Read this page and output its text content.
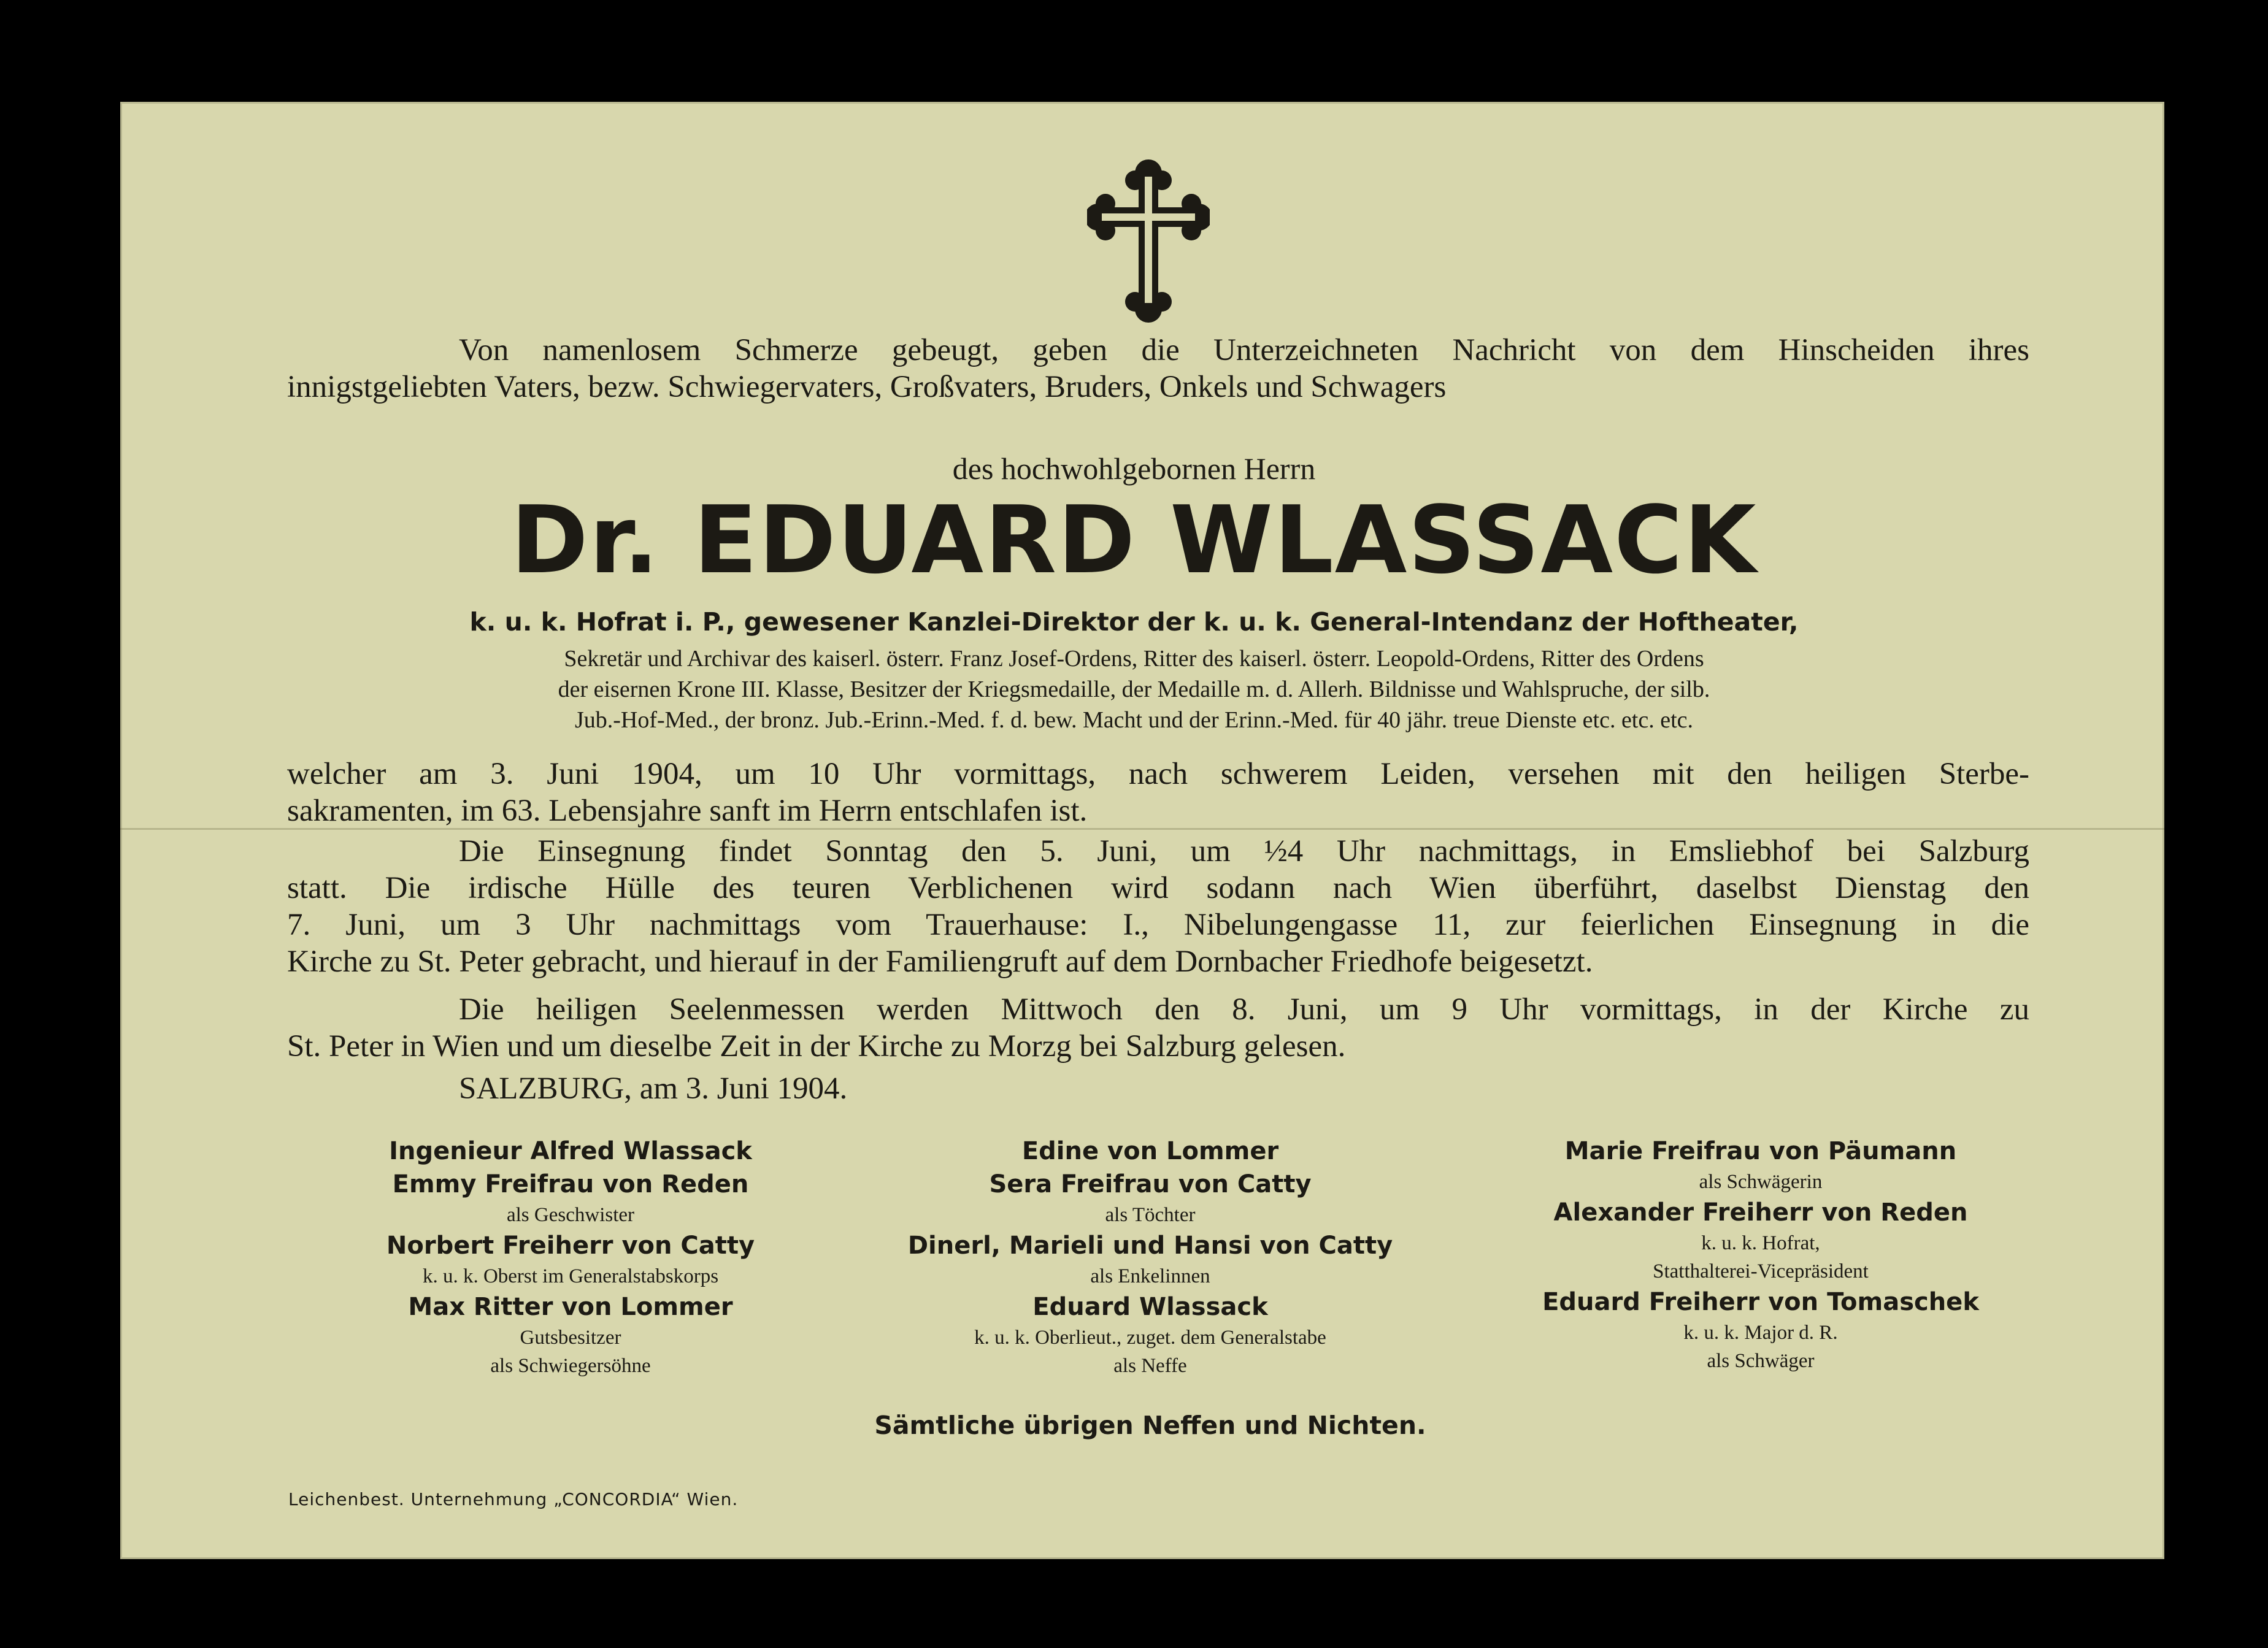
Von namenlosem Schmerze gebeugt, geben die Unterzeichneten Nachricht von dem Hinscheiden ihres

innigstgeliebten Vaters, bezw. Schwiegervaters, Großvaters, Bruders, Onkels und Schwagers

des hochwohlgebornen Herrn

Dr. EDUARD WLASSACK

k. u. k. Hofrat i. P., gewesener Kanzlei-Direktor der k. u. k. General-Intendanz der Hoftheater,

Sekretär und Archivar des kaiserl. österr. Franz Josef-Ordens, Ritter des kaiserl. österr. Leopold-Ordens, Ritter des Ordens

der eisernen Krone III. Klasse, Besitzer der Kriegsmedaille, der Medaille m. d. Allerh. Bildnisse und Wahlspruche, der silb.

Jub.-Hof-Med., der bronz. Jub.-Erinn.-Med. f. d. bew. Macht und der Erinn.-Med. für 40 jähr. treue Dienste etc. etc. etc.

welcher am 3. Juni 1904, um 10 Uhr vormittags, nach schwerem Leiden, versehen mit den heiligen Sterbe-
sakramenten, im 63. Lebensjahre sanft im Herrn entschlafen ist.

Die Einsegnung findet Sonntag den 5. Juni, um ½4 Uhr nachmittags, in Emsliebhof bei Salzburg
statt. Die irdische Hülle des teuren Verblichenen wird sodann nach Wien überführt, daselbst Dienstag den
7. Juni, um 3 Uhr nachmittags vom Trauerhause: I., Nibelungengasse 11, zur feierlichen Einsegnung in die
Kirche zu St. Peter gebracht, und hierauf in der Familiengruft auf dem Dornbacher Friedhofe beigesetzt.

Die heiligen Seelenmessen werden Mittwoch den 8. Juni, um 9 Uhr vormittags, in der Kirche zu
St. Peter in Wien und um dieselbe Zeit in der Kirche zu Morzg bei Salzburg gelesen.

SALZBURG, am 3. Juni 1904.

Ingenieur Alfred Wlassack
Emmy Freifrau von Reden
als Geschwister
Norbert Freiherr von Catty
k. u. k. Oberst im Generalstabskorps
Max Ritter von Lommer
Gutsbesitzer
als Schwiegersöhne
Edine von Lommer
Sera Freifrau von Catty
als Töchter
Dinerl, Marieli und Hansi von Catty
als Enkelinnen
Eduard Wlassack
k. u. k. Oberlieut., zuget. dem Generalstabe
als Neffe
Marie Freifrau von Päumann
als Schwägerin
Alexander Freiherr von Reden
k. u. k. Hofrat,
Statthalterei-Vicepräsident
Eduard Freiherr von Tomaschek
k. u. k. Major d. R.
als Schwäger

Sämtliche übrigen Neffen und Nichten.

Leichenbest. Unternehmung „CONCORDIA“ Wien.
